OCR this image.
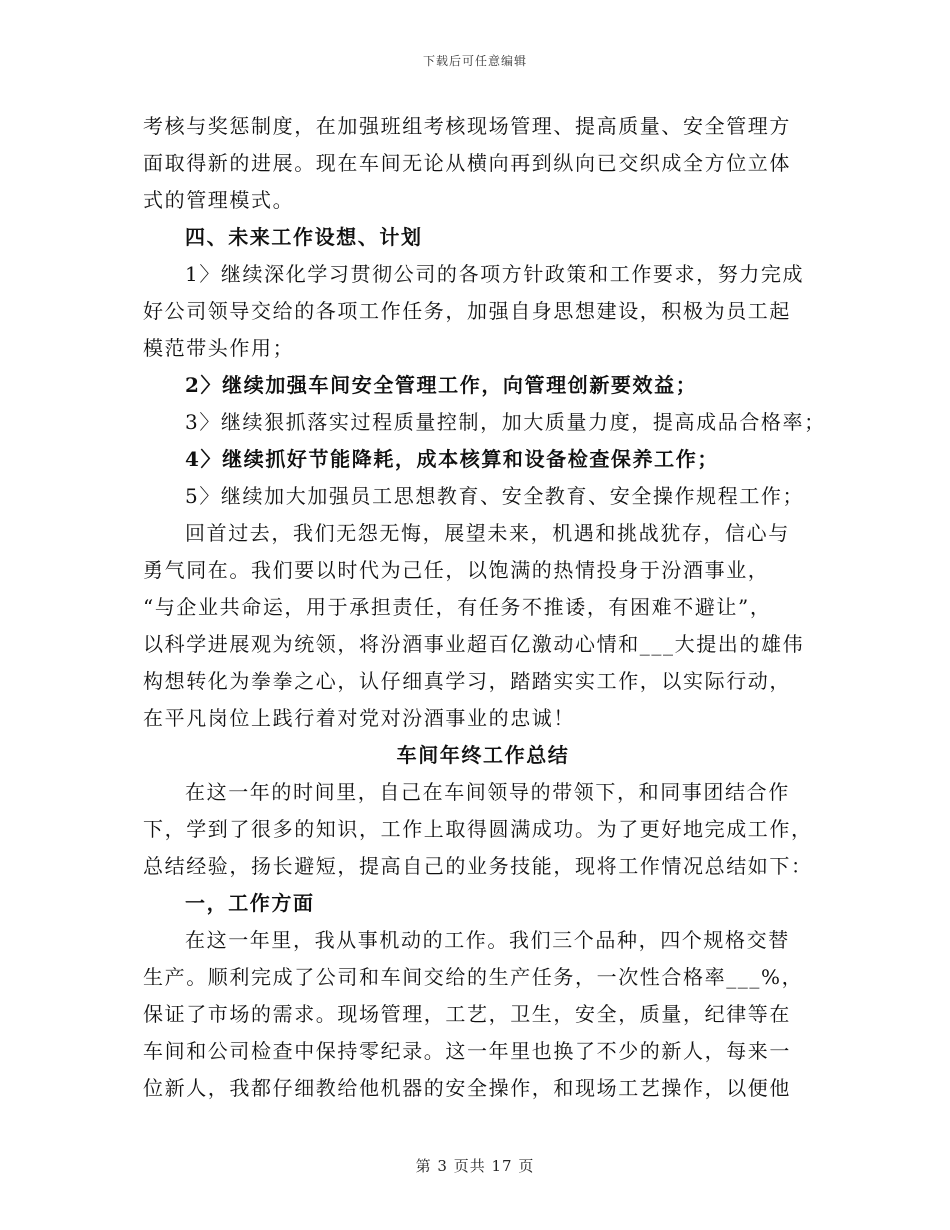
下载后可任意编辑
考核与奖惩制度，在加强班组考核现场管理、提高质量、安全管理方
面取得新的进展。现在车间无论从横向再到纵向已交织成全方位立体
式的管理模式。
四、未来工作设想、计划
1〉继续深化学习贯彻公司的各项方针政策和工作要求，努力完成
好公司领导交给的各项工作任务，加强自身思想建设，积极为员工起
模范带头作用；
2〉继续加强车间安全管理工作，向管理创新要效益；
3〉继续狠抓落实过程质量控制，加大质量力度，提高成品合格率；
4〉继续抓好节能降耗，成本核算和设备检查保养工作；
5〉继续加大加强员工思想教育、安全教育、安全操作规程工作；
回首过去，我们无怨无悔，展望未来，机遇和挑战犹存，信心与
勇气同在。我们要以时代为己任，以饱满的热情投身于汾酒事业，
“与企业共命运，用于承担责任，有任务不推诿，有困难不避让”，
以科学进展观为统领，将汾酒事业超百亿激动心情和___大提出的雄伟
构想转化为拳拳之心，认仔细真学习，踏踏实实工作，以实际行动，
在平凡岗位上践行着对党对汾酒事业的忠诚！
车间年终工作总结
在这一年的时间里，自己在车间领导的带领下，和同事团结合作
下，学到了很多的知识，工作上取得圆满成功。为了更好地完成工作，
总结经验，扬长避短，提高自己的业务技能，现将工作情况总结如下：
一，工作方面
在这一年里，我从事机动的工作。我们三个品种，四个规格交替
生产。顺利完成了公司和车间交给的生产任务，一次性合格率___%，
保证了市场的需求。现场管理，工艺，卫生，安全，质量，纪律等在
车间和公司检查中保持零纪录。这一年里也换了不少的新人，每来一
位新人，我都仔细教给他机器的安全操作，和现场工艺操作，以便他
第 3 页共 17 页
